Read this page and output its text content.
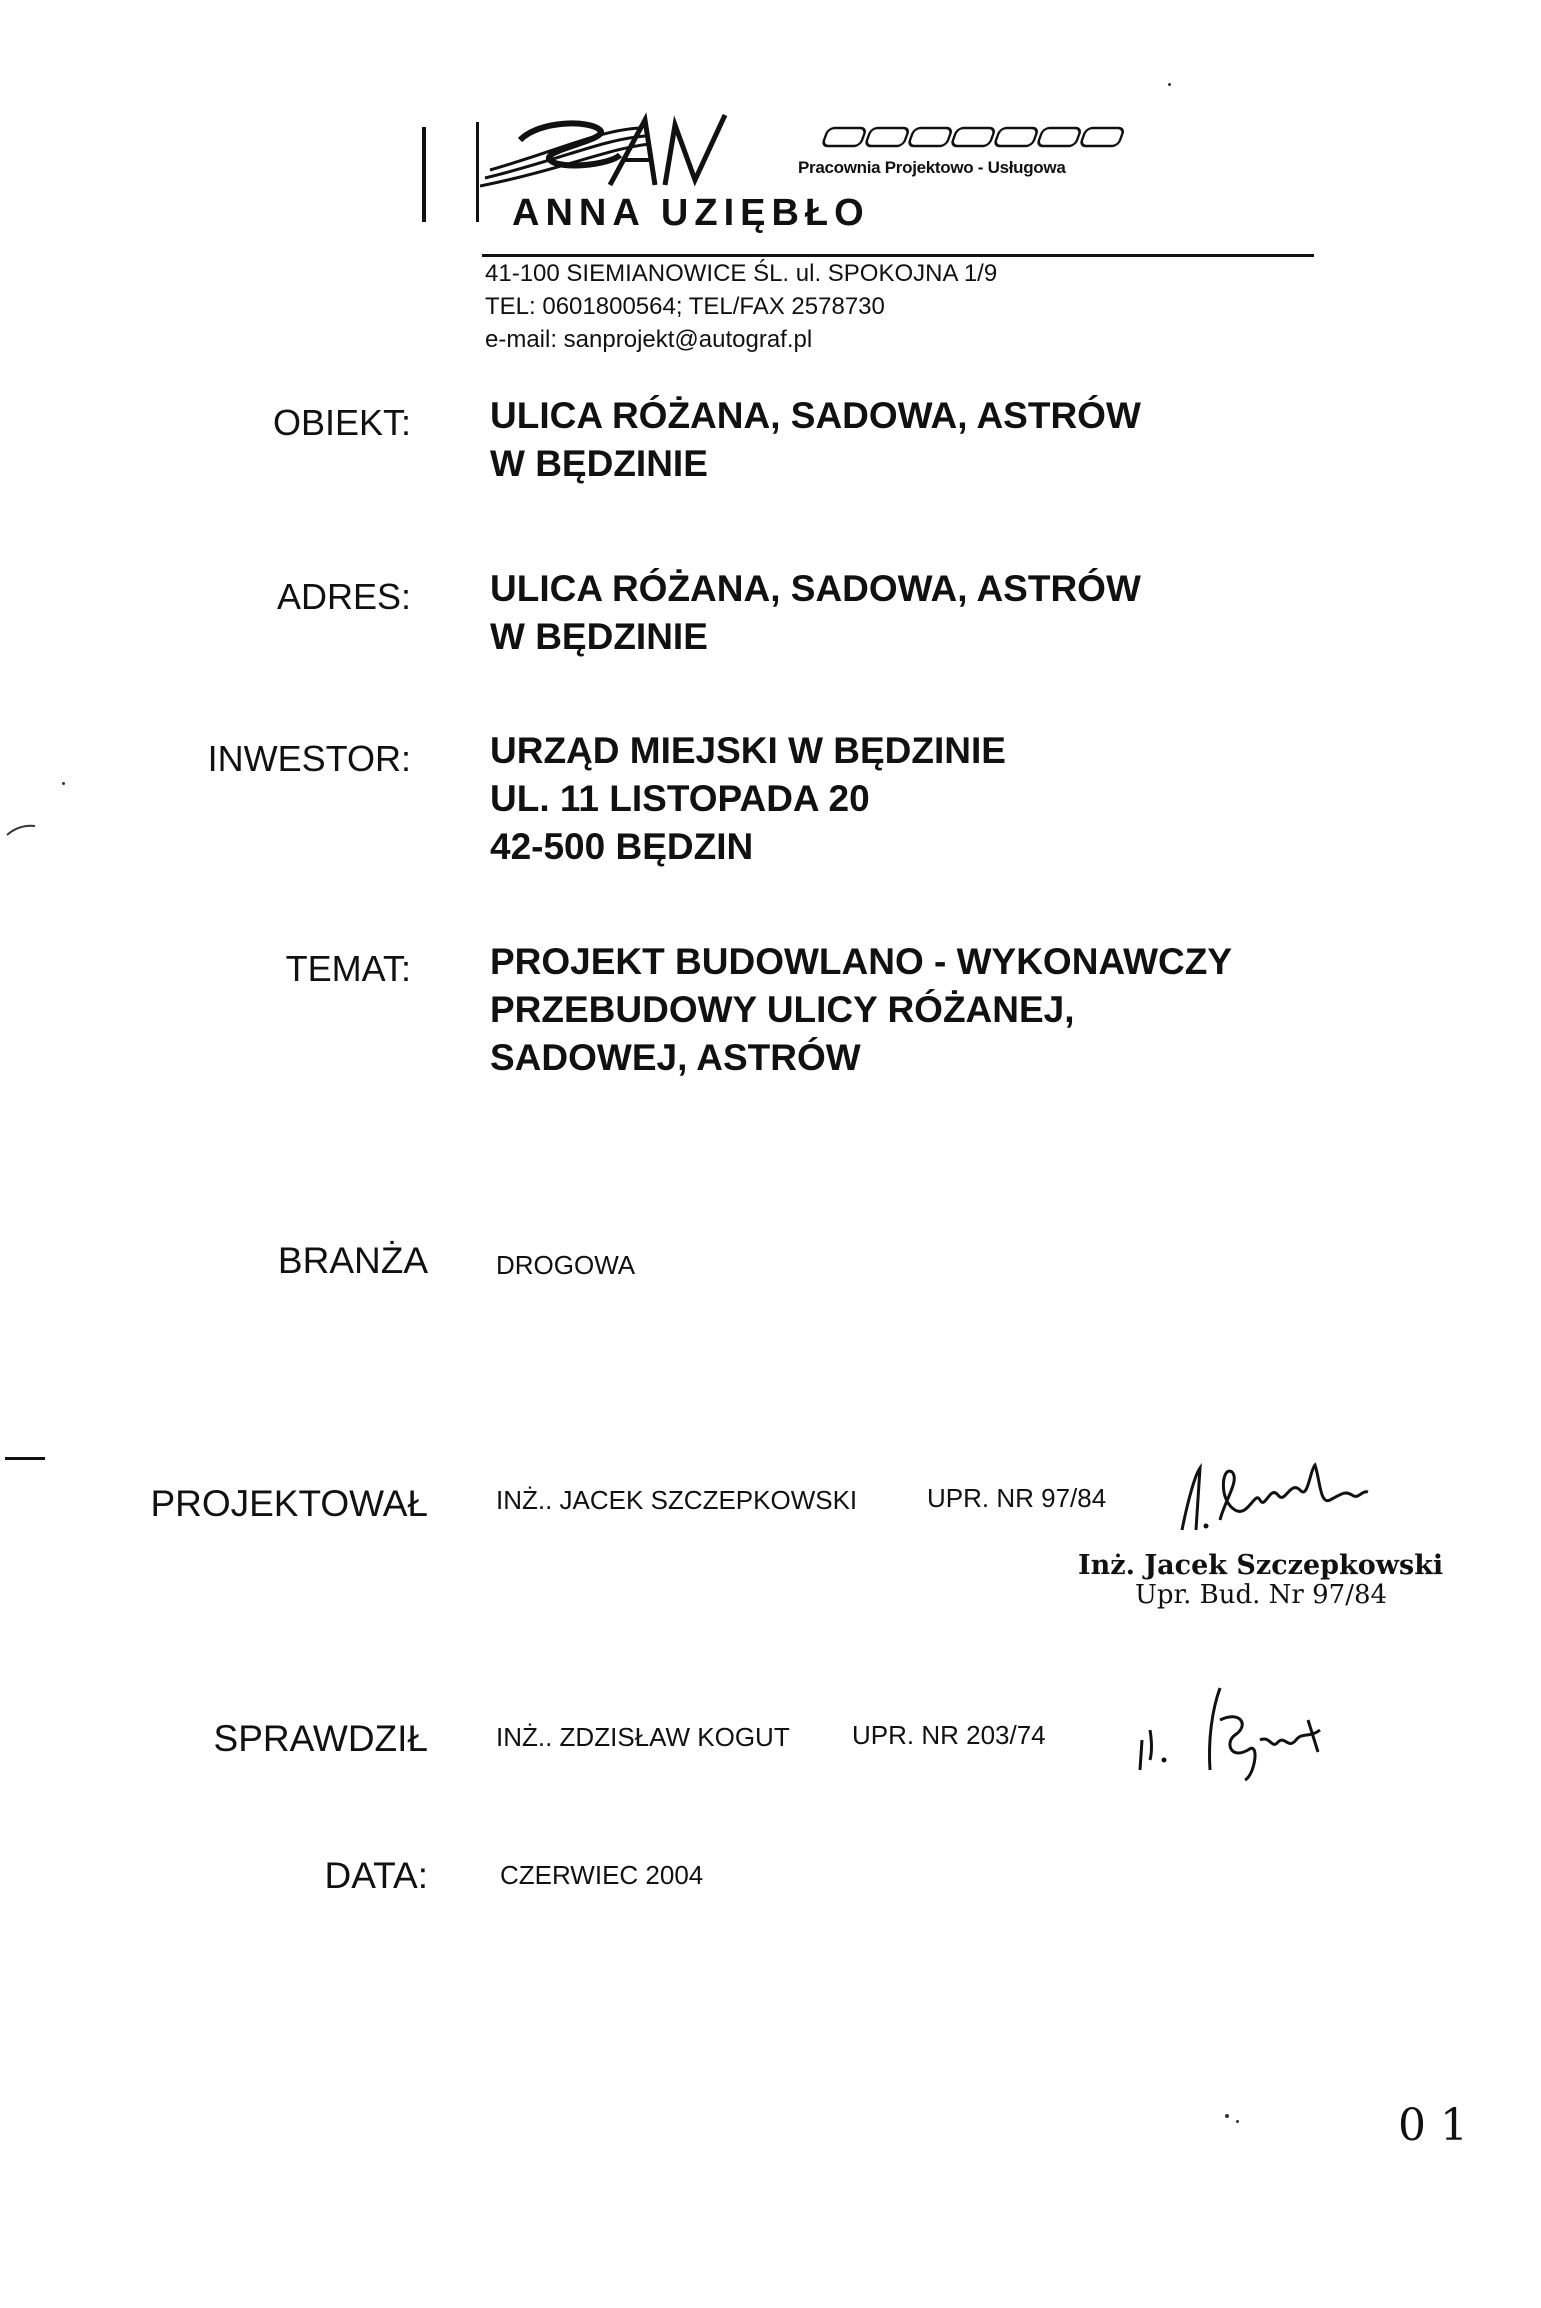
Pracownia Projektowo - Usługowa
ANNA UZIĘBŁO
41-100 SIEMIANOWICE ŚL. ul. SPOKOJNA 1/9
TEL: 0601800564; TEL/FAX 2578730
e-mail: sanprojekt@autograf.pl
OBIEKT: ULICA RÓŻANA, SADOWA, ASTRÓW
W BĘDZINIE
ADRES: ULICA RÓŻANA, SADOWA, ASTRÓW
W BĘDZINIE
INWESTOR: URZĄD MIEJSKI W BĘDZINIE
UL. 11 LISTOPADA 20
42-500 BĘDZIN
TEMAT: PROJEKT BUDOWLANO - WYKONAWCZY
PRZEBUDOWY ULICY RÓŻANEJ,
SADOWEJ, ASTRÓW
BRANŻA	DROGOWA
PROJEKTOWAŁ	INŻ.. JACEK SZCZEPKOWSKI	UPR. NR 97/84
Inż. Jacek Szczepkowski
Upr. Bud. Nr 97/84
SPRAWDZIŁ	INŻ.. ZDZISŁAW KOGUT UPR. NR 203/74
DATA:	CZERWIEC 2004
0 1
